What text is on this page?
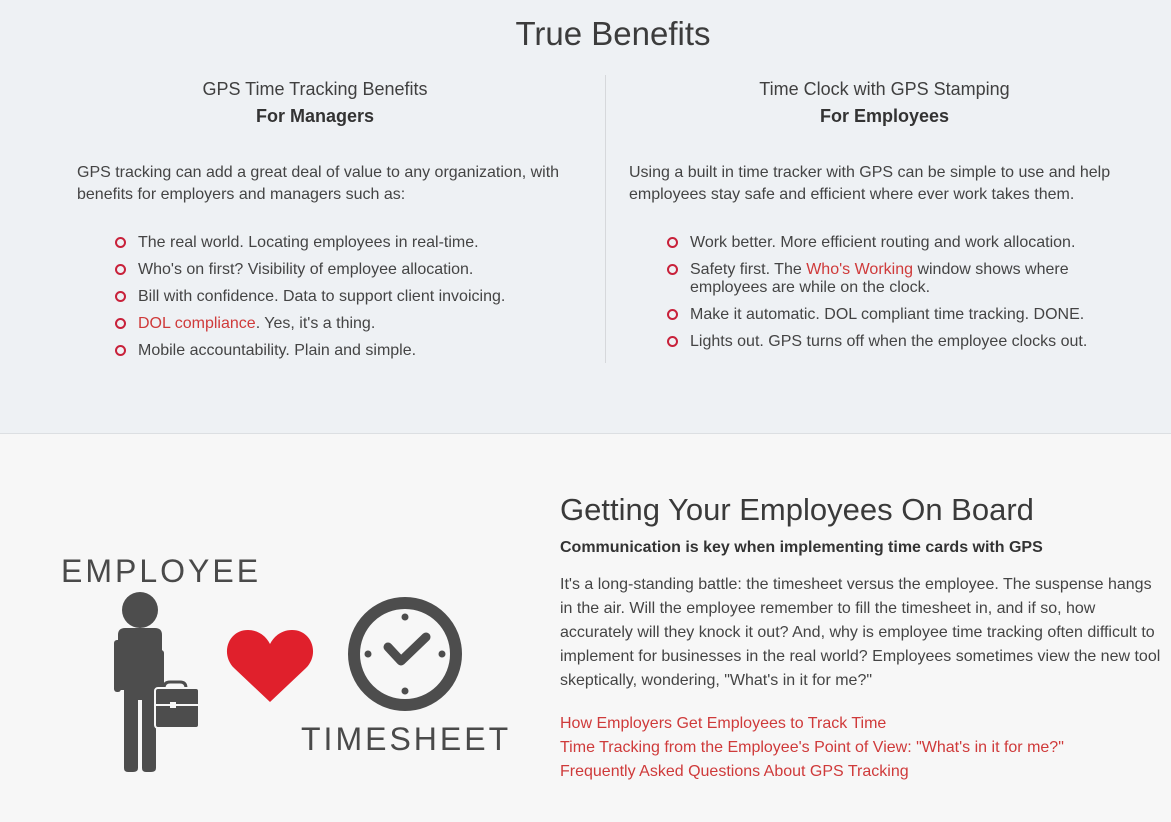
True Benefits
GPS Time Tracking Benefits
For Managers
GPS tracking can add a great deal of value to any organization, with benefits for employers and managers such as:
The real world. Locating employees in real-time.
Who's on first? Visibility of employee allocation.
Bill with confidence. Data to support client invoicing.
DOL compliance. Yes, it's a thing.
Mobile accountability. Plain and simple.
Time Clock with GPS Stamping
For Employees
Using a built in time tracker with GPS can be simple to use and help employees stay safe and efficient where ever work takes them.
Work better. More efficient routing and work allocation.
Safety first. The Who's Working window shows where employees are while on the clock.
Make it automatic. DOL compliant time tracking. DONE.
Lights out. GPS turns off when the employee clocks out.
EMPLOYEE
TIMESHEET
Getting Your Employees On Board
Communication is key when implementing time cards with GPS
It's a long-standing battle: the timesheet versus the employee. The suspense hangs in the air. Will the employee remember to fill the timesheet in, and if so, how accurately will they knock it out? And, why is employee time tracking often difficult to implement for businesses in the real world? Employees sometimes view the new tool skeptically, wondering, "What's in it for me?"
How Employers Get Employees to Track Time
Time Tracking from the Employee's Point of View: "What's in it for me?"
Frequently Asked Questions About GPS Tracking
